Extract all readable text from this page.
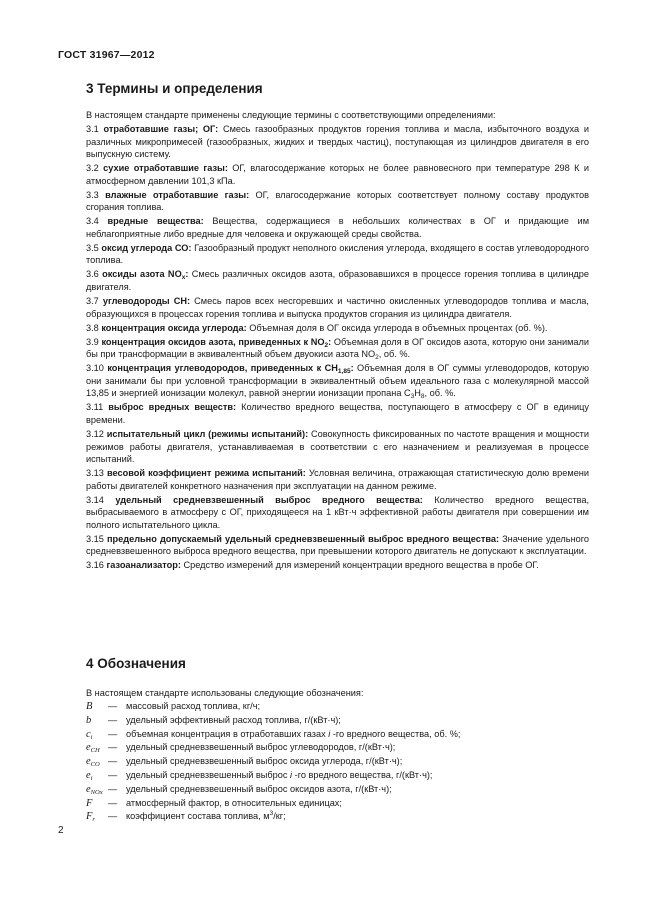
ГОСТ 31967—2012
3 Термины и определения

В настоящем стандарте применены следующие термины с соответствующими определениями:

3.1 отработавшие газы; ОГ: Смесь газообразных продуктов горения топлива и масла, избыточного воздуха и различных микропримесей (газообразных, жидких и твердых частиц), поступающая из цилиндров двигателя в его выпускную систему.

3.2 сухие отработавшие газы: ОГ, влагосодержание которых не более равновесного при температуре 298 К и атмосферном давлении 101,3 кПа.

3.3 влажные отработавшие газы: ОГ, влагосодержание которых соответствует полному составу продуктов сгорания топлива.

3.4 вредные вещества: Вещества, содержащиеся в небольших количествах в ОГ и придающие им неблагоприятные либо вредные для человека и окружающей среды свойства.

3.5 оксид углерода СО: Газообразный продукт неполного окисления углерода, входящего в состав углеводородного топлива.

3.6 оксиды азота $NO_x$: Смесь различных оксидов азота, образовавшихся в процессе горения топлива в цилиндре двигателя.

3.7 углеводороды СН: Смесь паров всех несгоревших и частично окисленных углеводородов топлива и масла, образующихся в процессах горения топлива и выпуска продуктов сгорания из цилиндра двигателя.

3.8 концентрация оксида углерода: Объемная доля в ОГ оксида углерода в объемных процентах (об. %).

3.9 концентрация оксидов азота, приведенных к $NO_2$: Объемная доля в ОГ оксидов азота, которую они занимали бы при трансформации в эквивалентный объем двуокиси азота $NO_2$, об. %.

3.10 концентрация углеводородов, приведенных к $СН_{1,85}$: Объемная доля в ОГ суммы углеводородов, которую они занимали бы при условной трансформации в эквивалентный объем идеального газа с молекулярной массой 13,85 и энергией ионизации молекул, равной энергии ионизации пропана $С_3Н_8$, об. %.

3.11 выброс вредных веществ: Количество вредного вещества, поступающего в атмосферу с ОГ в единицу времени.

3.12 испытательный цикл (режимы испытаний): Совокупность фиксированных по частоте вращения и мощности режимов работы двигателя, устанавливаемая в соответствии с его назначением и реализуемая в процессе испытаний.

3.13 весовой коэффициент режима испытаний: Условная величина, отражающая статистическую долю времени работы двигателей конкретного назначения при эксплуатации на данном режиме.

3.14 удельный средневзвешенный выброс вредного вещества: Количество вредного вещества, выбрасываемого в атмосферу с ОГ, приходящееся на 1 кВт·ч эффективной работы двигателя при совершении им полного испытательного цикла.

3.15 предельно допускаемый удельный средневзвешенный выброс вредного вещества: Значение удельного средневзвешенного выброса вредного вещества, при превышении которого двигатель не допускают к эксплуатации.

3.16 газоанализатор: Средство измерений для измерений концентрации вредного вещества в пробе ОГ.

4 Обозначения

В настоящем стандарте использованы следующие обозначения:

B	— массовый расход топлива, кг/ч;
b	— удельный эффективный расход топлива, г/(кВт·ч);
$c_i$	— объемная концентрация в отработавших газах i -го вредного вещества, об. %;
$e_{CH}$ — удельный средневзвешенный выброс углеводородов, г/(кВт·ч);
$e_{CO}$ — удельный средневзвешенный выброс оксида углерода, г/(кВт·ч);
$e_i$	— удельный средневзвешенный выброс i -го вредного вещества, г/(кВт·ч);
$e_{NOx}$ — удельный средневзвешенный выброс оксидов азота, г/(кВт·ч);
F	— атмосферный фактор, в относительных единицах;
$F_r$	— коэффициент состава топлива, $м^3/кг$;
2
